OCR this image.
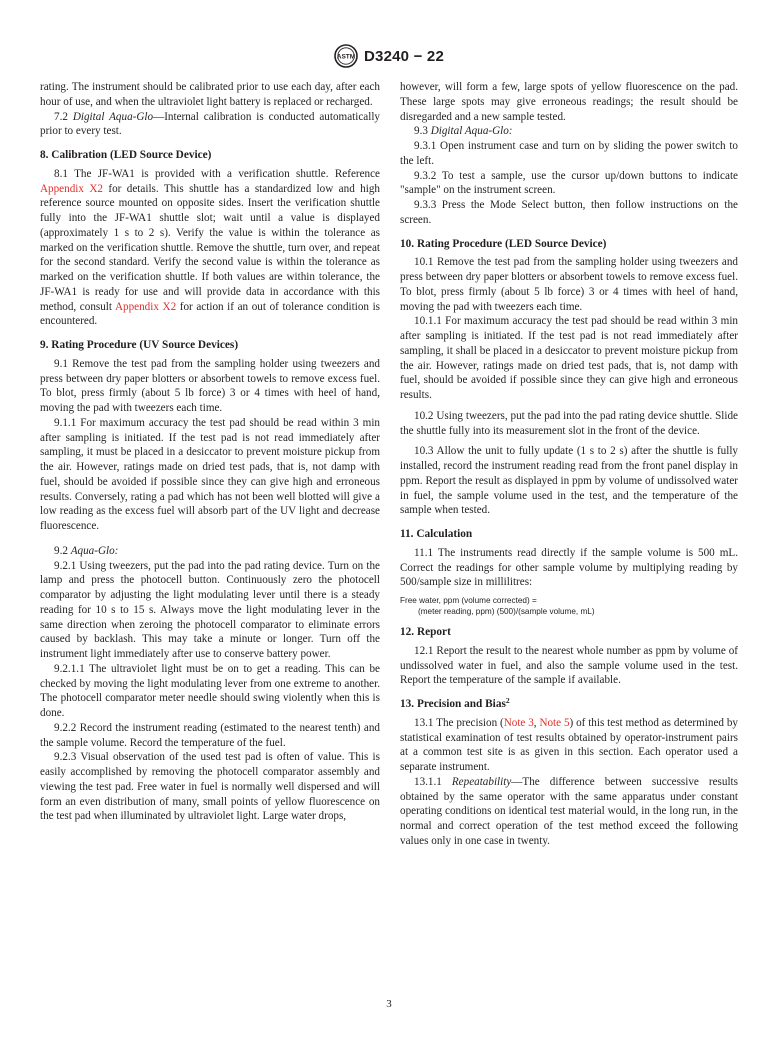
ASTM D3240 − 22

rating. The instrument should be calibrated prior to use each day, after each hour of use, and when the ultraviolet light battery is replaced or recharged.

7.2 Digital Aqua-Glo—Internal calibration is conducted automatically prior to every test.

8. Calibration (LED Source Device)

8.1 The JF-WA1 is provided with a verification shuttle. Reference Appendix X2 for details. This shuttle has a standardized low and high reference source mounted on opposite sides. Insert the verification shuttle fully into the JF-WA1 shuttle slot; wait until a value is displayed (approximately 1 s to 2 s). Verify the value is within the tolerance as marked on the verification shuttle. Remove the shuttle, turn over, and repeat for the second standard. Verify the second value is within the tolerance as marked on the verification shuttle. If both values are within tolerance, the JF-WA1 is ready for use and will provide data in accordance with this method, consult Appendix X2 for action if an out of tolerance condition is encountered.

9. Rating Procedure (UV Source Devices)

9.1 Remove the test pad from the sampling holder using tweezers and press between dry paper blotters or absorbent towels to remove excess fuel. To blot, press firmly (about 5 lb force) 3 or 4 times with heel of hand, moving the pad with tweezers each time.

9.1.1 For maximum accuracy the test pad should be read within 3 min after sampling is initiated. If the test pad is not read immediately after sampling, it must be placed in a desiccator to prevent moisture pickup from the air. However, ratings made on dried test pads, that is, not damp with fuel, should be avoided if possible since they can give high and erroneous results. Conversely, rating a pad which has not been well blotted will give a low reading as the excess fuel will absorb part of the UV light and decrease fluorescence.

9.2 Aqua-Glo:

9.2.1 Using tweezers, put the pad into the pad rating device. Turn on the lamp and press the photocell button. Continuously zero the photocell comparator by adjusting the light modulating lever until there is a steady reading for 10 s to 15 s. Always move the light modulating lever in the same direction when zeroing the photocell comparator to eliminate errors caused by backlash. This may take a minute or longer. Turn off the instrument light immediately after use to conserve battery power.

9.2.1.1 The ultraviolet light must be on to get a reading. This can be checked by moving the light modulating lever from one extreme to another. The photocell comparator meter needle should swing violently when this is done.

9.2.2 Record the instrument reading (estimated to the nearest tenth) and the sample volume. Record the temperature of the fuel.

9.2.3 Visual observation of the used test pad is often of value. This is easily accomplished by removing the photocell comparator assembly and viewing the test pad. Free water in fuel is normally well dispersed and will form an even distribution of many, small points of yellow fluorescence on the test pad when illuminated by ultraviolet light. Large water drops,

however, will form a few, large spots of yellow fluorescence on the pad. These large spots may give erroneous readings; the result should be disregarded and a new sample tested.

9.3 Digital Aqua-Glo:

9.3.1 Open instrument case and turn on by sliding the power switch to the left.

9.3.2 To test a sample, use the cursor up/down buttons to indicate "sample" on the instrument screen.

9.3.3 Press the Mode Select button, then follow instructions on the screen.

10. Rating Procedure (LED Source Device)

10.1 Remove the test pad from the sampling holder using tweezers and press between dry paper blotters or absorbent towels to remove excess fuel. To blot, press firmly (about 5 lb force) 3 or 4 times with heel of hand, moving the pad with tweezers each time.

10.1.1 For maximum accuracy the test pad should be read within 3 min after sampling is initiated. If the test pad is not read immediately after sampling, it shall be placed in a desiccator to prevent moisture pickup from the air. However, ratings made on dried test pads, that is, not damp with fuel, should be avoided if possible since they can give high and erroneous results.

10.2 Using tweezers, put the pad into the pad rating device shuttle. Slide the shuttle fully into its measurement slot in the front of the device.

10.3 Allow the unit to fully update (1 s to 2 s) after the shuttle is fully installed, record the instrument reading read from the front panel display in ppm. Report the result as displayed in ppm by volume of undissolved water in fuel, the sample volume used in the test, and the temperature of the sample when tested.

11. Calculation

11.1 The instruments read directly if the sample volume is 500 mL. Correct the readings for other sample volume by multiplying reading by 500/sample size in millilitres:

Free water, ppm (volume corrected) =
(meter reading, ppm) (500)/(sample volume, mL)
12. Report

12.1 Report the result to the nearest whole number as ppm by volume of undissolved water in fuel, and also the sample volume used in the test. Report the temperature of the sample if available.

13. Precision and Bias$^2$

13.1 The precision (Note 3, Note 5) of this test method as determined by statistical examination of test results obtained by operator-instrument pairs at a common test site is as given in this section. Each operator used a separate instrument.

13.1.1 Repeatability—The difference between successive results obtained by the same operator with the same apparatus under constant operating conditions on identical test material would, in the long run, in the normal and correct operation of the test method exceed the following values only in one case in twenty.

3
